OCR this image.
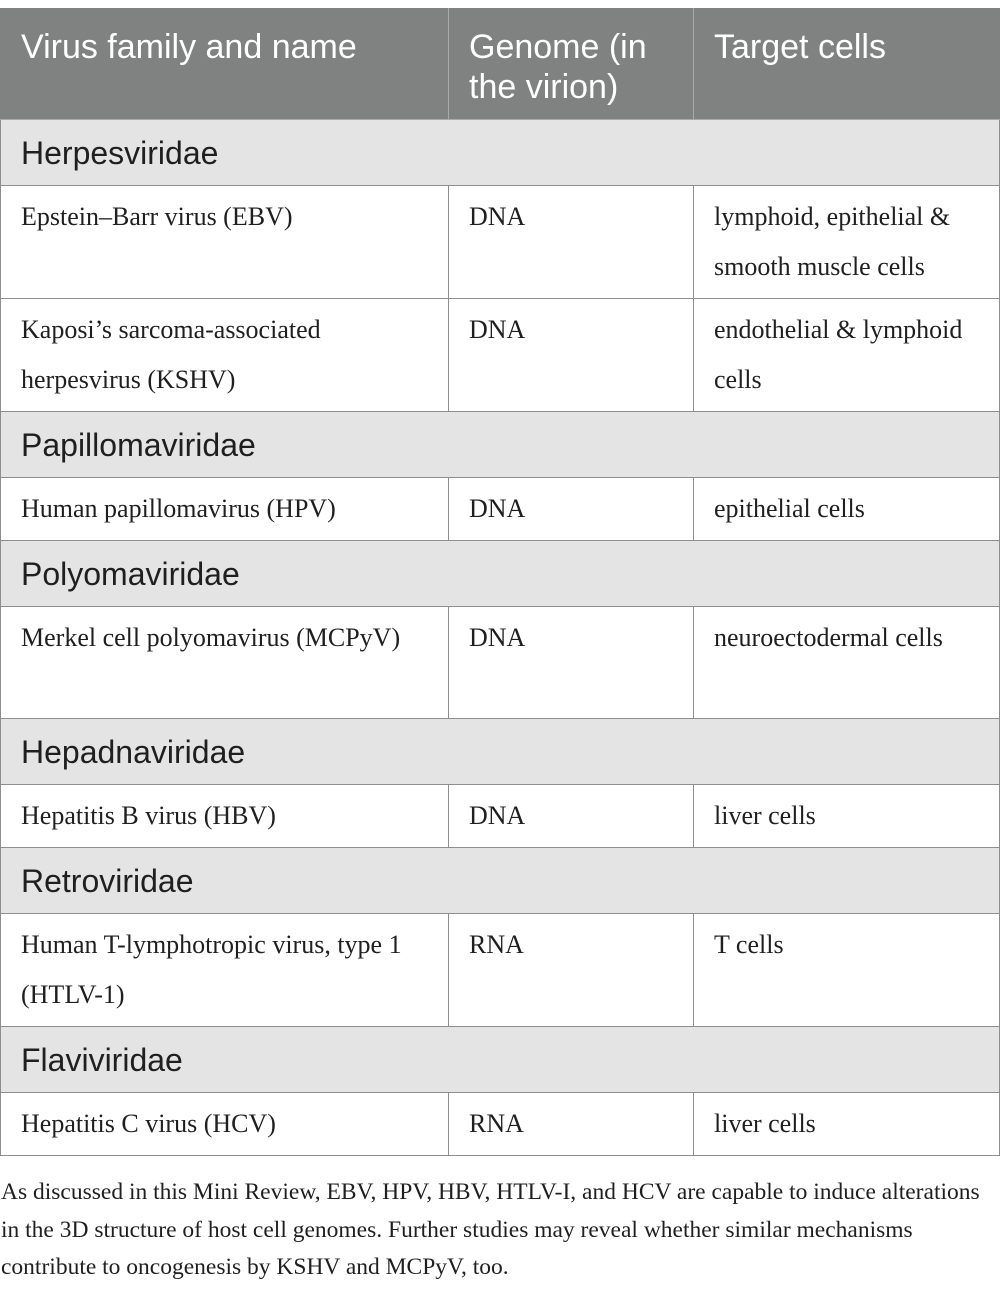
Virus family and name	Genome (in the virion)	Target cells
Herpesviridae		
Epstein–Barr virus (EBV)	DNA	lymphoid, epithelial & smooth muscle cells
Kaposi’s sarcoma-associated herpesvirus (KSHV)	DNA	endothelial & lymphoid cells
Papillomaviridae		
Human papillomavirus (HPV)	DNA	epithelial cells
Polyomaviridae		
Merkel cell polyomavirus (MCPyV)	DNA	neuroectodermal cells
Hepadnaviridae		
Hepatitis B virus (HBV)	DNA	liver cells
Retroviridae		
Human T-lymphotropic virus, type 1 (HTLV-1)	RNA	T cells
Flaviviridae		
Hepatitis C virus (HCV)	RNA	liver cells

As discussed in this Mini Review, EBV, HPV, HBV, HTLV-I, and HCV are capable to induce alterations in the 3D structure of host cell genomes. Further studies may reveal whether similar mechanisms contribute to oncogenesis by KSHV and MCPyV, too.
